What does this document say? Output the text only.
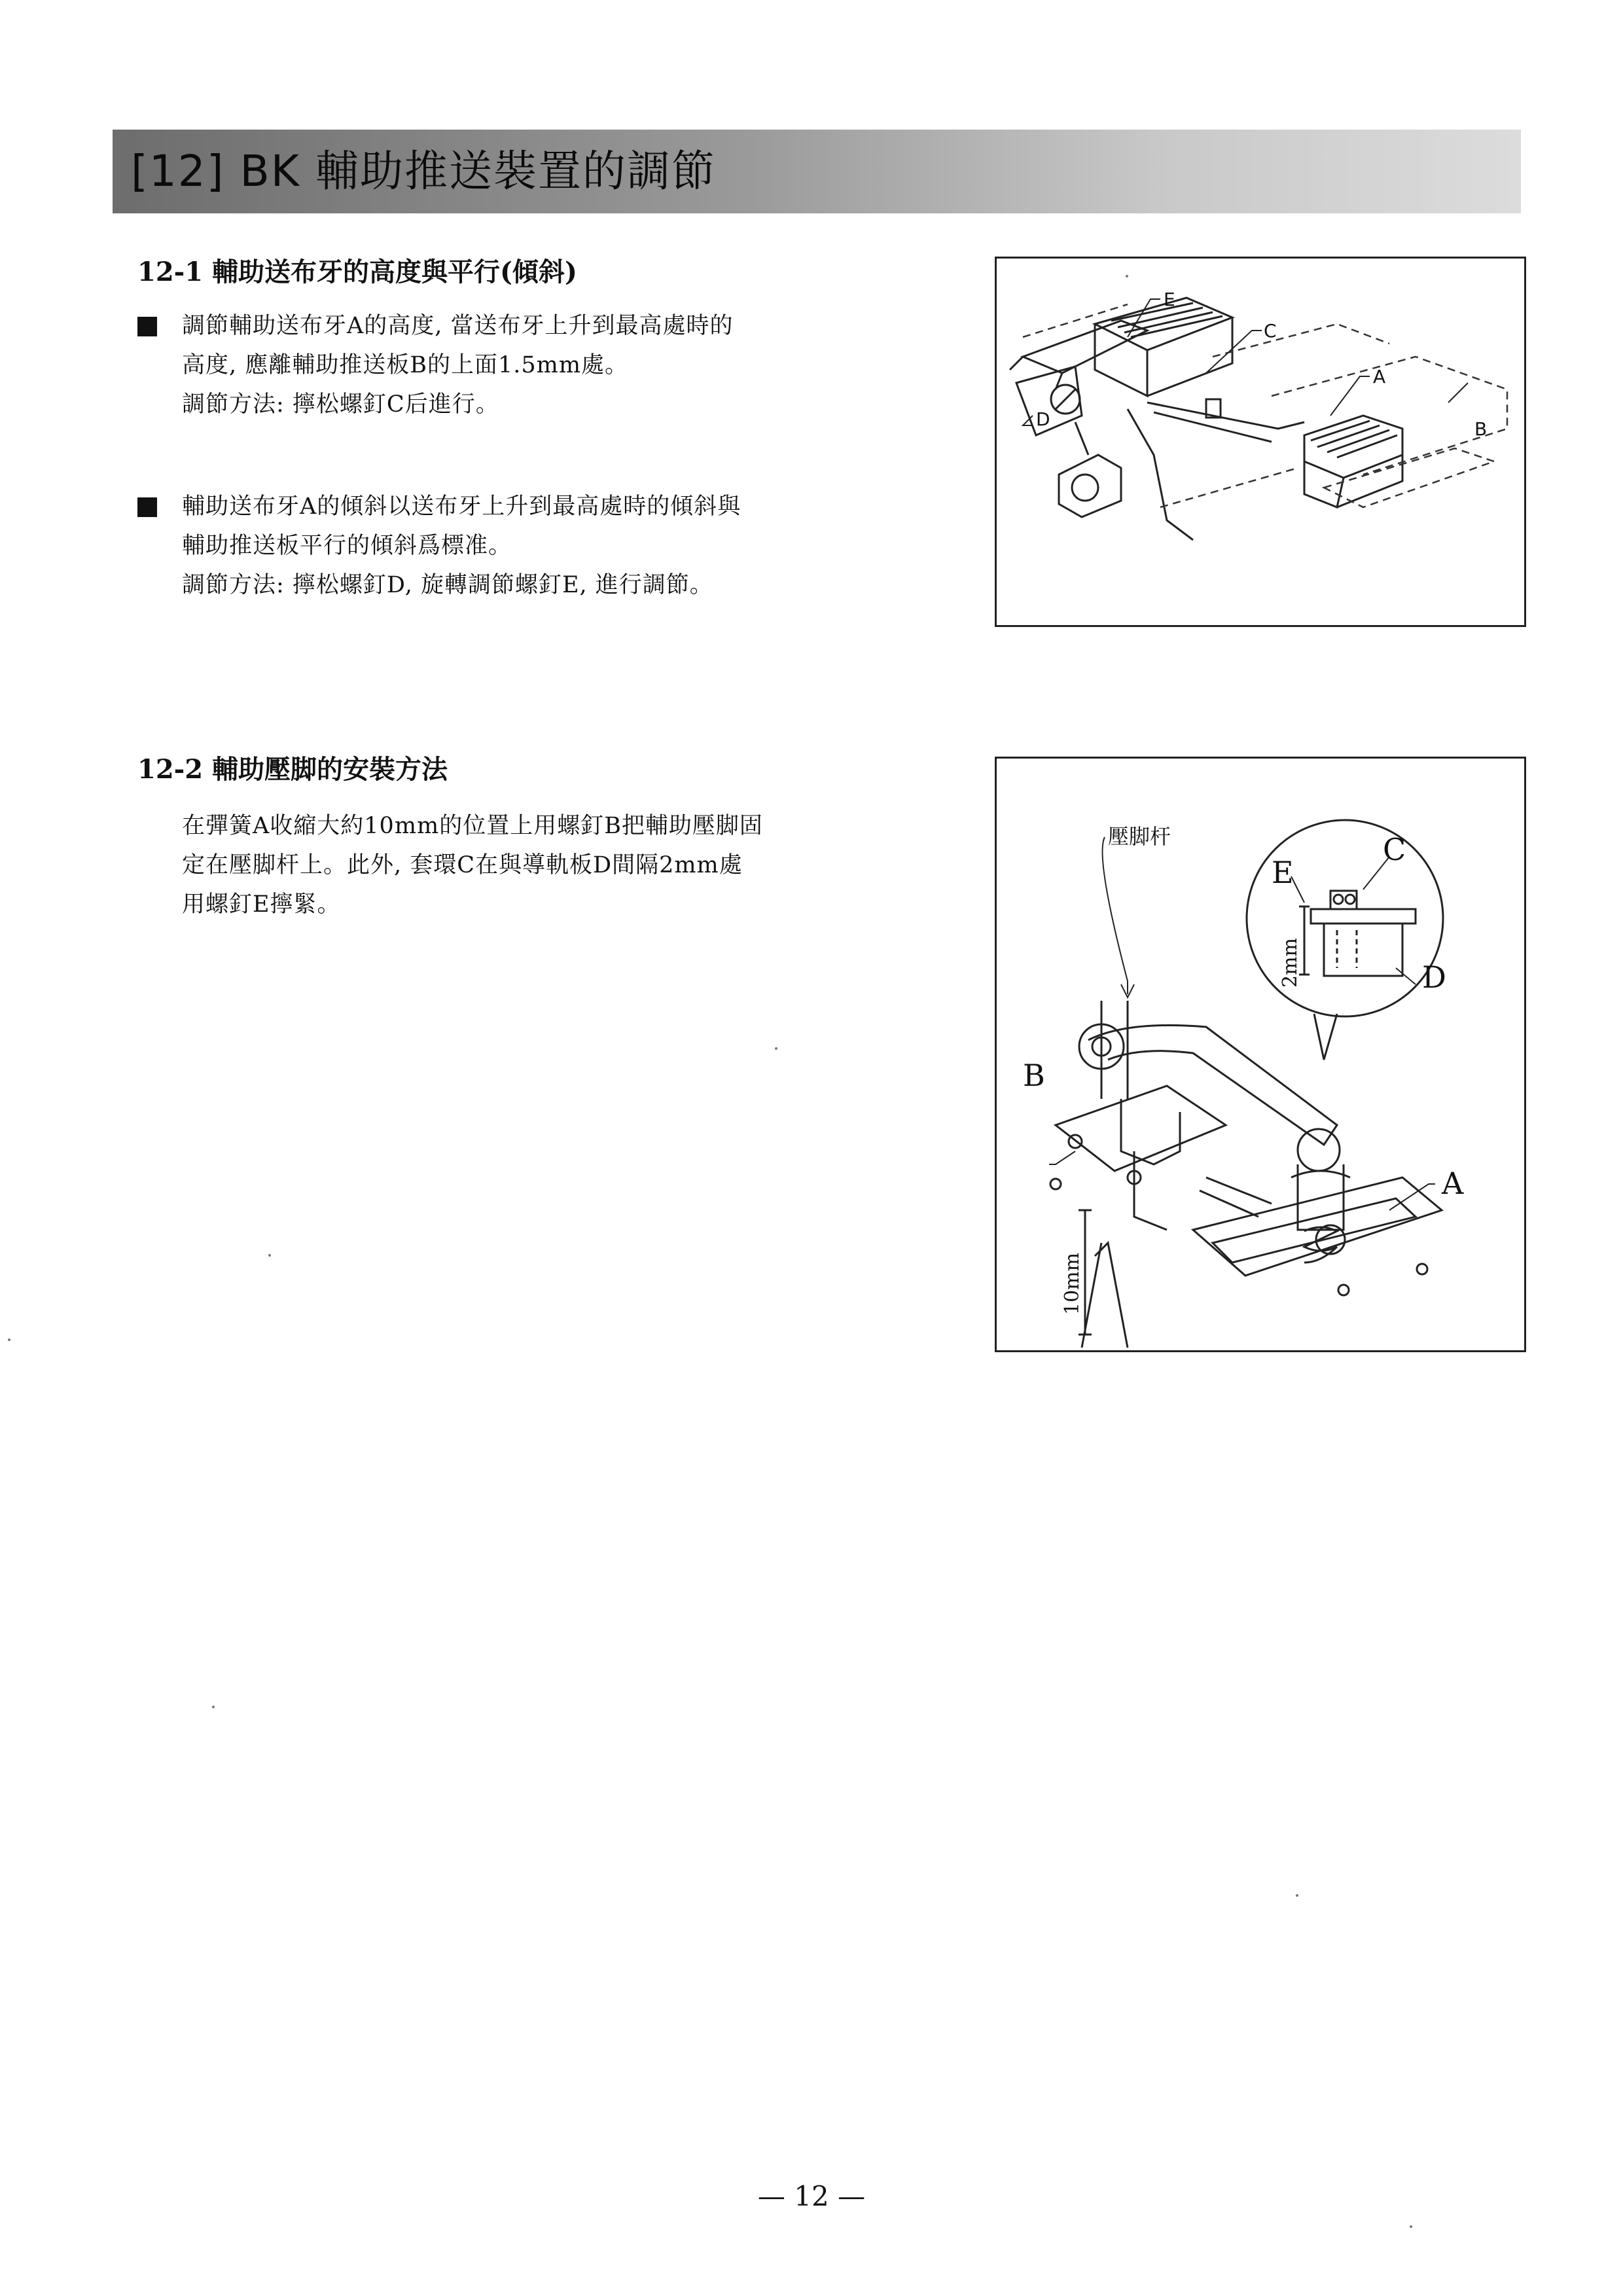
[12] BK 輔助推送裝置的調節
12-1 輔助送布牙的高度與平行(傾斜)

調節輔助送布牙A的高度, 當送布牙上升到最高處時的

高度, 應離輔助推送板B的上面1.5mm處。

調節方法: 擰松螺釘C后進行。

輔助送布牙A的傾斜以送布牙上升到最高處時的傾斜與

輔助推送板平行的傾斜爲標准。

調節方法: 擰松螺釘D, 旋轉調節螺釘E, 進行調節。

E
C
A
B
D
12-2 輔助壓脚的安裝方法

在彈簧A收縮大約10mm的位置上用螺釘B把輔助壓脚固

定在壓脚杆上。此外, 套環C在與導軌板D間隔2mm處

用螺釘E擰緊。

壓脚杆	C
E
D
B
A
2mm
10mm
— 12 —
